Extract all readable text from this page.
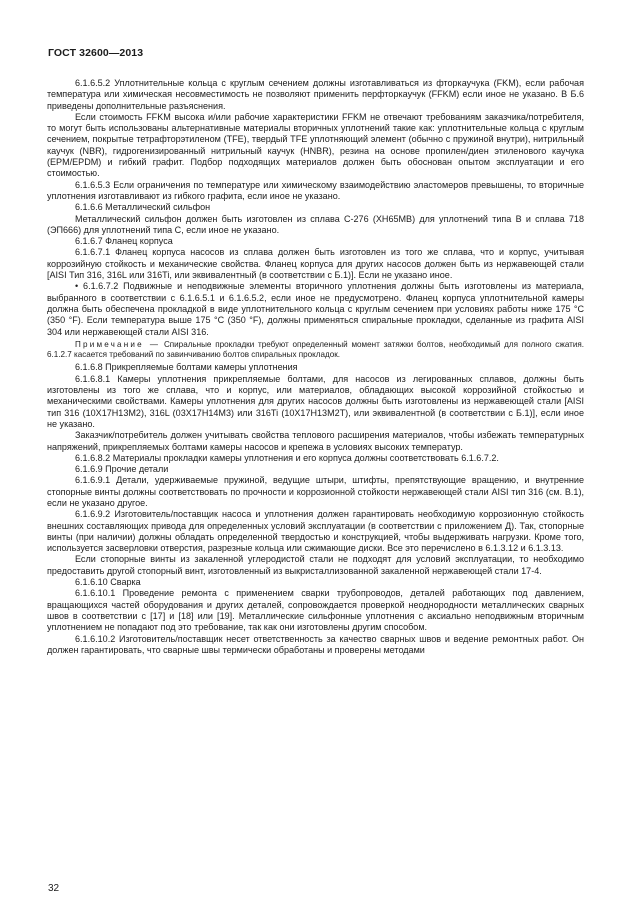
ГОСТ 32600—2013

6.1.6.5.2 Уплотнительные кольца с круглым сечением должны изготавливаться из фторкаучука (FKM), если рабочая температура или химическая несовместимость не позволяют применить перфторкаучук (FFKM) если иное не указано. В Б.6 приведены дополнительные разъяснения.

Если стоимость FFKM высока и/или рабочие характеристики FFKM не отвечают требованиям заказчика/потребителя, то могут быть использованы альтернативные материалы вторичных уплотнений такие как: уплотнительные кольца с круглым сечением, покрытые тетрафторэтиленом (TFE), твердый TFE уплотняющий элемент (обычно с пружиной внутри), нитрильный каучук (NBR), гидрогенизированный нитрильный каучук (HNBR), резина на основе пропилен/диен этиленового каучука (EPM/EPDM) и гибкий графит. Подбор подходящих материалов должен быть обоснован опытом эксплуатации и его стоимостью.

6.1.6.5.3 Если ограничения по температуре или химическому взаимодействию эластомеров превышены, то вторичные уплотнения изготавливают из гибкого графита, если иное не указано.

6.1.6.6 Металлический сильфон

Металлический сильфон должен быть изготовлен из сплава С-276 (ХН65МВ) для уплотнений типа В и сплава 718 (ЭП666) для уплотнений типа С, если иное не указано.

6.1.6.7 Фланец корпуса

6.1.6.7.1 Фланец корпуса насосов из сплава должен быть изготовлен из того же сплава, что и корпус, учитывая коррозийную стойкость и механические свойства. Фланец корпуса для других насосов должен быть из нержавеющей стали [AISI Тип 316, 316L или 316Ti, или эквивалентный (в соответствии с Б.1)]. Если не указано иное.

• 6.1.6.7.2 Подвижные и неподвижные элементы вторичного уплотнения должны быть изготовлены из материала, выбранного в соответствии с 6.1.6.5.1 и 6.1.6.5.2, если иное не предусмотрено. Фланец корпуса уплотнительной камеры должна быть обеспечена прокладкой в виде уплотнительного кольца с круглым сечением при условиях работы ниже 175 °С (350 °F). Если температура выше 175 °С (350 °F), должны применяться спиральные прокладки, сделанные из графита AISI 304 или нержавеющей стали AISI 316.

Примечание — Спиральные прокладки требуют определенный момент затяжки болтов, необходимый для полного сжатия. 6.1.2.7 касается требований по завинчиванию болтов спиральных прокладок.

6.1.6.8 Прикрепляемые болтами камеры уплотнения

6.1.6.8.1 Камеры уплотнения прикрепляемые болтами, для насосов из легированных сплавов, должны быть изготовлены из того же сплава, что и корпус, или материалов, обладающих высокой коррозийной стойкостью и механическими свойствами. Камеры уплотнения для других насосов должны быть изготовлены из нержавеющей стали [AISI тип 316 (10Х17Н13М2), 316L (03Х17Н14М3) или 316Ti (10Х17Н13М2Т), или эквивалентной (в соответствии с Б.1)], если иное не указано.

Заказчик/потребитель должен учитывать свойства теплового расширения материалов, чтобы избежать температурных напряжений, прикрепляемых болтами камеры насосов и крепежа в условиях высоких температур.

6.1.6.8.2 Материалы прокладки камеры уплотнения и его корпуса должны соответствовать 6.1.6.7.2.

6.1.6.9 Прочие детали

6.1.6.9.1 Детали, удерживаемые пружиной, ведущие штыри, штифты, препятствующие вращению, и внутренние стопорные винты должны соответствовать по прочности и коррозионной стойкости нержавеющей стали AISI тип 316 (см. В.1), если не указано другое.

6.1.6.9.2 Изготовитель/поставщик насоса и уплотнения должен гарантировать необходимую коррозионную стойкость внешних составляющих привода для определенных условий эксплуатации (в соответствии с приложением Д). Так, стопорные винты (при наличии) должны обладать определенной твердостью и конструкцией, чтобы выдерживать нагрузки. Кроме того, используется засверловки отверстия, разрезные кольца или сжимающие диски. Все это перечислено в 6.1.3.12 и 6.1.3.13.

Если стопорные винты из закаленной углеродистой стали не подходят для условий эксплуатации, то необходимо предоставить другой стопорный винт, изготовленный из выкристаллизованной закаленной нержавеющей стали 17-4.

6.1.6.10 Сварка

6.1.6.10.1 Проведение ремонта с применением сварки трубопроводов, деталей работающих под давлением, вращающихся частей оборудования и других деталей, сопровождается проверкой неоднородности металлических сварных швов в соответствии с [17] и [18] или [19]. Металлические сильфонные уплотнения с аксиально неподвижным вторичным уплотнением не попадают под это требование, так как они изготовлены другим способом.

6.1.6.10.2 Изготовитель/поставщик несет ответственность за качество сварных швов и ведение ремонтных работ. Он должен гарантировать, что сварные швы термически обработаны и проверены методами

32
